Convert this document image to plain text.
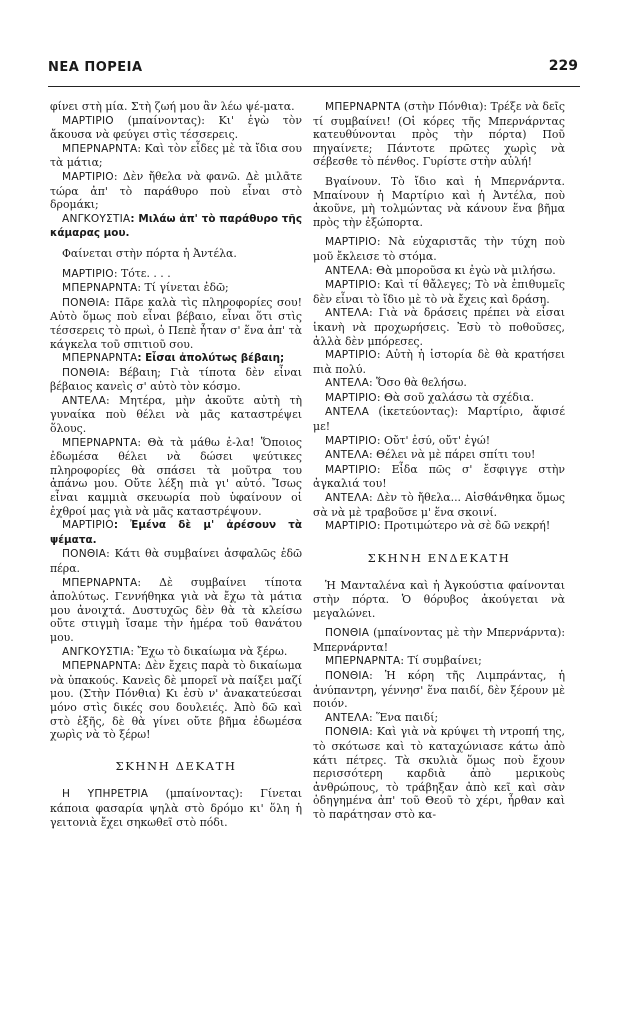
ΝΕΑ ΠΟΡΕΙΑ	229

φίνει στὴ μία. Στὴ ζωή μου ἂν λέω ψέ-ματα.

ΜΑΡΤΙΡΙΟ (μπαίνοντας): Κι' ἐγὼ τὸν ἄκουσα νὰ φεύγει στὶς τέσσερεις.

ΜΠΕΡΝΑΡΝΤΑ: Καὶ τὸν εἶδες μὲ τὰ ἴδια σου τὰ μάτια;

ΜΑΡΤΙΡΙΟ: Δὲν ἤθελα νὰ φανῶ. Δὲ μιλᾶτε τώρα ἀπ' τὸ παράθυρο ποὺ εἶναι στὸ δρομάκι;

ΑΝΓΚΟΥΣΤΙΑ: Μιλάω ἀπ' τὸ παράθυρο τῆς κάμαρας μου.

Φαίνεται στὴν πόρτα ἡ Ἀντέλα.

ΜΑΡΤΙΡΙΟ: Τότε. . . .

ΜΠΕΡΝΑΡΝΤΑ: Τί γίνεται ἐδῶ;

ΠΟΝΘΙΑ: Πᾶρε καλὰ τὶς πληροφορίες σου! Αὐτὸ ὅμως ποὺ εἶναι βέβαιο, εἶναι ὅτι στὶς τέσσερεις τὸ πρωὶ, ὁ Πεπὲ ἦταν σ' ἕνα ἀπ' τὰ κάγκελα τοῦ σπιτιοῦ σου.

ΜΠΕΡΝΑΡΝΤΑ: Εἶσαι ἀπολύτως βέβαιη;

ΠΟΝΘΙΑ: Βέβαιη; Γιὰ τίποτα δὲν εἶναι βέβαιος κανεὶς σ' αὐτὸ τὸν κόσμο.

ΑΝΤΕΛΑ: Μητέρα, μὴν ἀκοῦτε αὐτὴ τὴ γυναίκα ποὺ θέλει νὰ μᾶς καταστρέψει ὅλους.

ΜΠΕΡΝΑΡΝΤΑ: Θὰ τὰ μάθω ἐ-λα! Ὅποιος ἐδωμέσα θέλει νὰ δώσει ψεύτικες πληροφορίες θὰ σπάσει τὰ μοῦτρα του ἀπάνω μου. Οὔτε λέξη πιὰ γι' αὐτό. Ἴσως εἶναι καμμιὰ σκευωρία ποὺ ὑφαίνουν οἱ ἐχθροί μας γιὰ νὰ μᾶς καταστρέψουν.

ΜΑΡΤΙΡΙΟ: Ἐμένα δὲ μ' ἀρέσουν τὰ ψέματα.

ΠΟΝΘΙΑ: Κάτι θὰ συμβαίνει ἀσφαλῶς ἐδῶ πέρα.

ΜΠΕΡΝΑΡΝΤΑ: Δὲ συμβαίνει τίποτα ἀπολύτως. Γεννήθηκα γιὰ νὰ ἔχω τὰ μάτια μου ἀνοιχτά. Δυστυχῶς δὲν θὰ τὰ κλείσω οὔτε στιγμὴ ἴσαμε τὴν ἡμέρα τοῦ θανάτου μου.

ΑΝΓΚΟΥΣΤΙΑ: Ἔχω τὸ δικαίωμα νὰ ξέρω.

ΜΠΕΡΝΑΡΝΤΑ: Δὲν ἔχεις παρὰ τὸ δικαίωμα νὰ ὑπακούς. Κανεὶς δὲ μπορεῖ νὰ παίξει μαζί μου. (Στὴν Πόνθια) Κι ἐσὺ ν' ἀνακατεύεσαι μόνο στὶς δικές σου δουλειές. Ἀπὸ δῶ καὶ στὸ ἑξῆς, δὲ θὰ γίνει οὔτε βῆμα ἐδωμέσα χωρὶς νὰ τὸ ξέρω!

ΣΚΗΝΗ ΔΕΚΑΤΗ

Η ΥΠΗΡΕΤΡΙΑ (μπαίνοντας): Γίνεται κάποια φασαρία ψηλὰ στὸ δρόμο κι' ὅλη ἡ γειτονιὰ ἔχει σηκωθεῖ στὸ πόδι.

ΜΠΕΡΝΑΡΝΤΑ (στὴν Πόνθια): Τρέξε νὰ δεῖς τί συμβαίνει! (Οἱ κόρες τῆς Μπερνάρντας κατευθύνονται πρὸς τὴν πόρτα) Ποῦ πηγαίνετε; Πάντοτε πρῶτες χωρὶς νὰ σέβεσθε τὸ πένθος. Γυρίστε στὴν αὐλή!

Βγαίνουν. Τὸ ἴδιο καὶ ἡ Μπερνάρντα. Μπαίνουν ἡ Μαρτίριο καὶ ἡ Ἀντέλα, ποὺ ἀκοῦνε, μὴ τολμώντας νὰ κάνουν ἕνα βῆμα πρὸς τὴν ἐξώπορτα.

ΜΑΡΤΙΡΙΟ: Νὰ εὐχαριστᾶς τὴν τύχη ποὺ μοῦ ἔκλεισε τὸ στόμα.

ΑΝΤΕΛΑ: Θὰ μποροῦσα κι ἐγὼ νὰ μιλήσω.

ΜΑΡΤΙΡΙΟ: Καὶ τί θἄλεγες; Τὸ νὰ ἐπιθυμεῖς δὲν εἶναι τὸ ἴδιο μὲ τὸ νὰ ἔχεις καὶ δράση.

ΑΝΤΕΛΑ: Γιὰ νὰ δράσεις πρέπει νὰ εἶσαι ἱκανὴ νὰ προχωρήσεις. Ἐσὺ τὸ ποθοῦσες, ἀλλὰ δὲν μπόρεσες.

ΜΑΡΤΙΡΙΟ: Αὐτὴ ἡ ἱστορία δὲ θὰ κρατήσει πιὰ πολύ.

ΑΝΤΕΛΑ: Ὅσο θὰ θελήσω.

ΜΑΡΤΙΡΙΟ: Θὰ σοῦ χαλάσω τὰ σχέδια.

ΑΝΤΕΛΑ (ἱκετεύοντας): Μαρτίριο, ἄφισέ με!

ΜΑΡΤΙΡΙΟ: Οὔτ' ἐσύ, οὔτ' ἐγώ!

ΑΝΤΕΛΑ: Θέλει νὰ μὲ πάρει σπίτι του!

ΜΑΡΤΙΡΙΟ: Εἶδα πῶς σ' ἔσφιγγε στὴν ἀγκαλιά του!

ΑΝΤΕΛΑ: Δὲν τὸ ἤθελα... Αἰσθάνθηκα ὅμως σὰ νὰ μὲ τραβοῦσε μ' ἕνα σκοινί.

ΜΑΡΤΙΡΙΟ: Προτιμώτερο νὰ σὲ δῶ νεκρή!

ΣΚΗΝΗ ΕΝΔΕΚΑΤΗ

Ἡ Μανταλένα καὶ ἡ Ἀγκούστια φαίνονται στὴν πόρτα. Ὁ θόρυβος ἀκούγεται νὰ μεγαλώνει.

ΠΟΝΘΙΑ (μπαίνοντας μὲ τὴν Μπερνάρντα): Μπερνάρντα!

ΜΠΕΡΝΑΡΝΤΑ: Τί συμβαίνει;

ΠΟΝΘΙΑ: Ἡ κόρη τῆς Λιμπράντας, ἡ ἀνύπαντρη, γέννησ' ἕνα παιδί, δὲν ξέρουν μὲ ποιόν.

ΑΝΤΕΛΑ: Ἕνα παιδί;

ΠΟΝΘΙΑ: Καὶ γιὰ νὰ κρύψει τὴ ντροπή της, τὸ σκότωσε καὶ τὸ καταχώνιασε κάτω ἀπὸ κάτι πέτρες. Τὰ σκυλιὰ ὅμως ποὺ ἔχουν περισσότερη καρδιὰ ἀπὸ μερικοὺς ἀνθρώπους, τὸ τράβηξαν ἀπὸ κεῖ καὶ σὰν ὁδηγημένα ἀπ' τοῦ Θεοῦ τὸ χέρι, ἦρθαν καὶ τὸ παράτησαν στὸ κα-
